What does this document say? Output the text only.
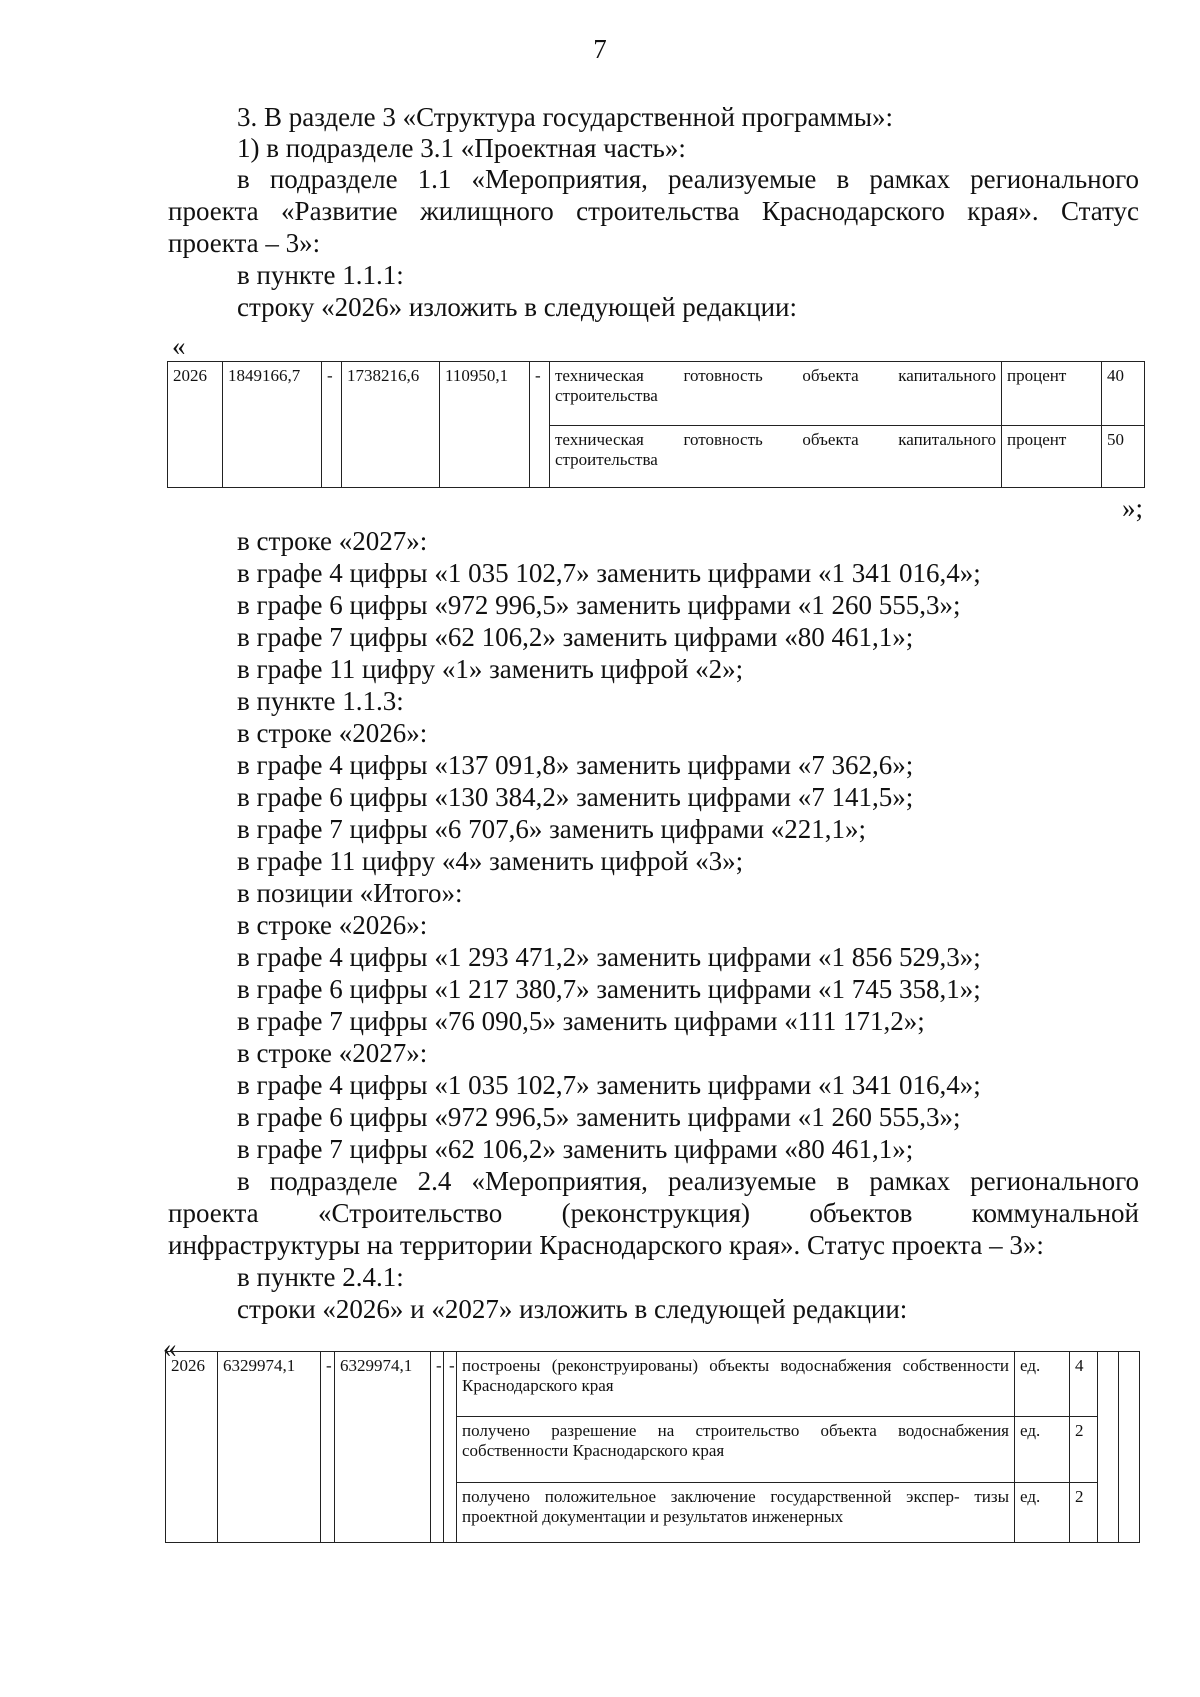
7
3. В разделе 3 «Структура государственной программы»:
1) в подразделе 3.1 «Проектная часть»:
в подразделе 1.1 «Мероприятия, реализуемые в рамках регионального
проекта «Развитие жилищного строительства Краснодарского края». Статус
проекта – 3»:
в пункте 1.1.1:
строку «2026» изложить в следующей редакции:
«
2026	1849166,7	-	1738216,6	110950,1	-	техническая готовность объекта капитального строительства	процент	40
						техническая готовность объекта капитального строительства	процент	50
»;
в строке «2027»:
в графе 4 цифры «1 035 102,7» заменить цифрами «1 341 016,4»;
в графе 6 цифры «972 996,5» заменить цифрами «1 260 555,3»;
в графе 7 цифры «62 106,2» заменить цифрами «80 461,1»;
в графе 11 цифру «1» заменить цифрой «2»;
в пункте 1.1.3:
в строке «2026»:
в графе 4 цифры «137 091,8» заменить цифрами «7 362,6»;
в графе 6 цифры «130 384,2» заменить цифрами «7 141,5»;
в графе 7 цифры «6 707,6» заменить цифрами «221,1»;
в графе 11 цифру «4» заменить цифрой «3»;
в позиции «Итого»:
в строке «2026»:
в графе 4 цифры «1 293 471,2» заменить цифрами «1 856 529,3»;
в графе 6 цифры «1 217 380,7» заменить цифрами «1 745 358,1»;
в графе 7 цифры «76 090,5» заменить цифрами «111 171,2»;
в строке «2027»:
в графе 4 цифры «1 035 102,7» заменить цифрами «1 341 016,4»;
в графе 6 цифры «972 996,5» заменить цифрами «1 260 555,3»;
в графе 7 цифры «62 106,2» заменить цифрами «80 461,1»;
в подразделе 2.4 «Мероприятия, реализуемые в рамках регионального
проекта «Строительство (реконструкция) объектов коммунальной
инфраструктуры на территории Краснодарского края». Статус проекта – 3»:
в пункте 2.4.1:
строки «2026» и «2027» изложить в следующей редакции:
«
2026	6329974,1	-	6329974,1	-	-	построены (реконструированы) объекты водоснабжения собственности Краснодарского края	ед.	4		
						получено разрешение на строительство объекта водоснабжения собственности Краснодарского края	ед.	2		
						получено положительное заключение государственной экспер- тизы проектной документации и результатов инженерных	ед.	2		
